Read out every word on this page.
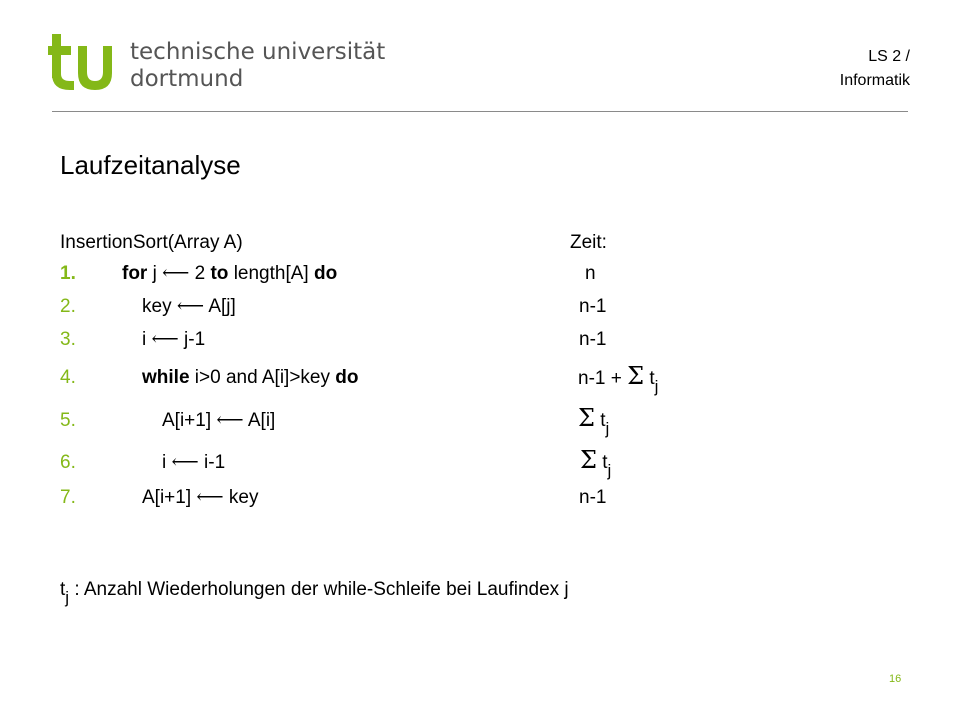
technische universität
dortmund
LS 2 /
Informatik
Laufzeitanalyse
InsertionSort(Array A)	Zeit:
1. for j ⟵ 2 to length[A] do	n
2.	key ⟵ A[j]	n-1
3.	i ⟵ j-1	n-1
4.	while i>0 and A[i]>key do	n-1 + Σ tj
5.	A[i+1] ⟵ A[i]	Σ tj
6.	i ⟵ i-1	Σ tj
7.	A[i+1] ⟵ key	n-1
tj : Anzahl Wiederholungen der while-Schleife bei Laufindex j
16
